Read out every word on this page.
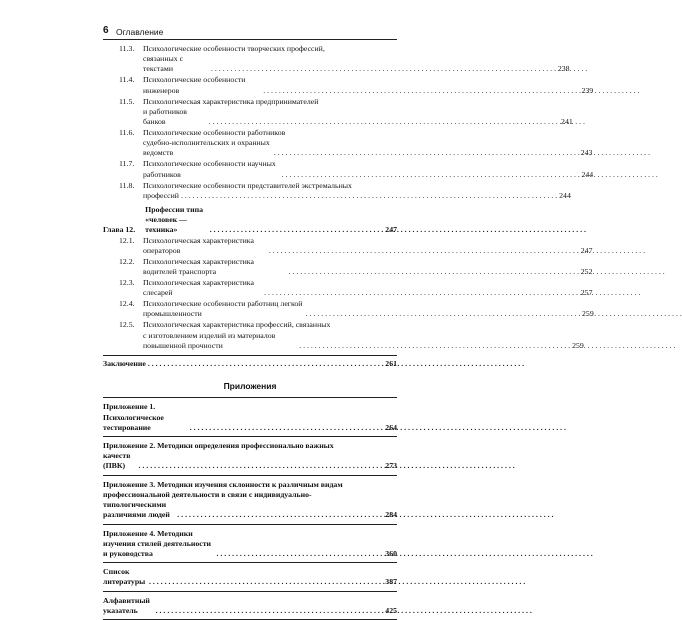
6 Оглавление
11.3.	Психологические особенности творческих профессий,
связанных с текстами . . .	238
11.4.	Психологические особенности инженеров . . .	239
11.5.	Психологическая характеристика предпринимателей
и работников банков . . .	241
11.6.	Психологические особенности работников
судебно-исполнительских и охранных ведомств . . .	243
11.7.	Психологические особенности научных работников . . .	244
11.8.	Психологические особенности представителей экстремальных
профессий . . .	244
Глава 12.
Профессии типа «человек — техника» . . .	247
12.1.	Психологическая характеристика операторов . . .	247
12.2.	Психологическая характеристика водителей транспорта . . .	252
12.3.	Психологическая характеристика слесарей . . .	257
12.4.	Психологические особенности работниц легкой промышленности . . .	259
12.5.	Психологическая характеристика профессий, связанных
с изготовлением изделий из материалов повышенной прочности . . .	259
Заключение . . .	261
Приложения
Приложение 1. Психологическое тестирование . . .	264
Приложение 2. Методики определения профессионально важных
качеств (ПВК) . . .	273
Приложение 3. Методики изучения склонности к различным видам
профессиональной деятельности в связи с индивидуально-
типологическими различиями людей . . .	284
Приложение 4. Методики изучения стилей деятельности и руководства . . .	360
Список литературы . . .	387
Алфавитный указатель . . .	425
